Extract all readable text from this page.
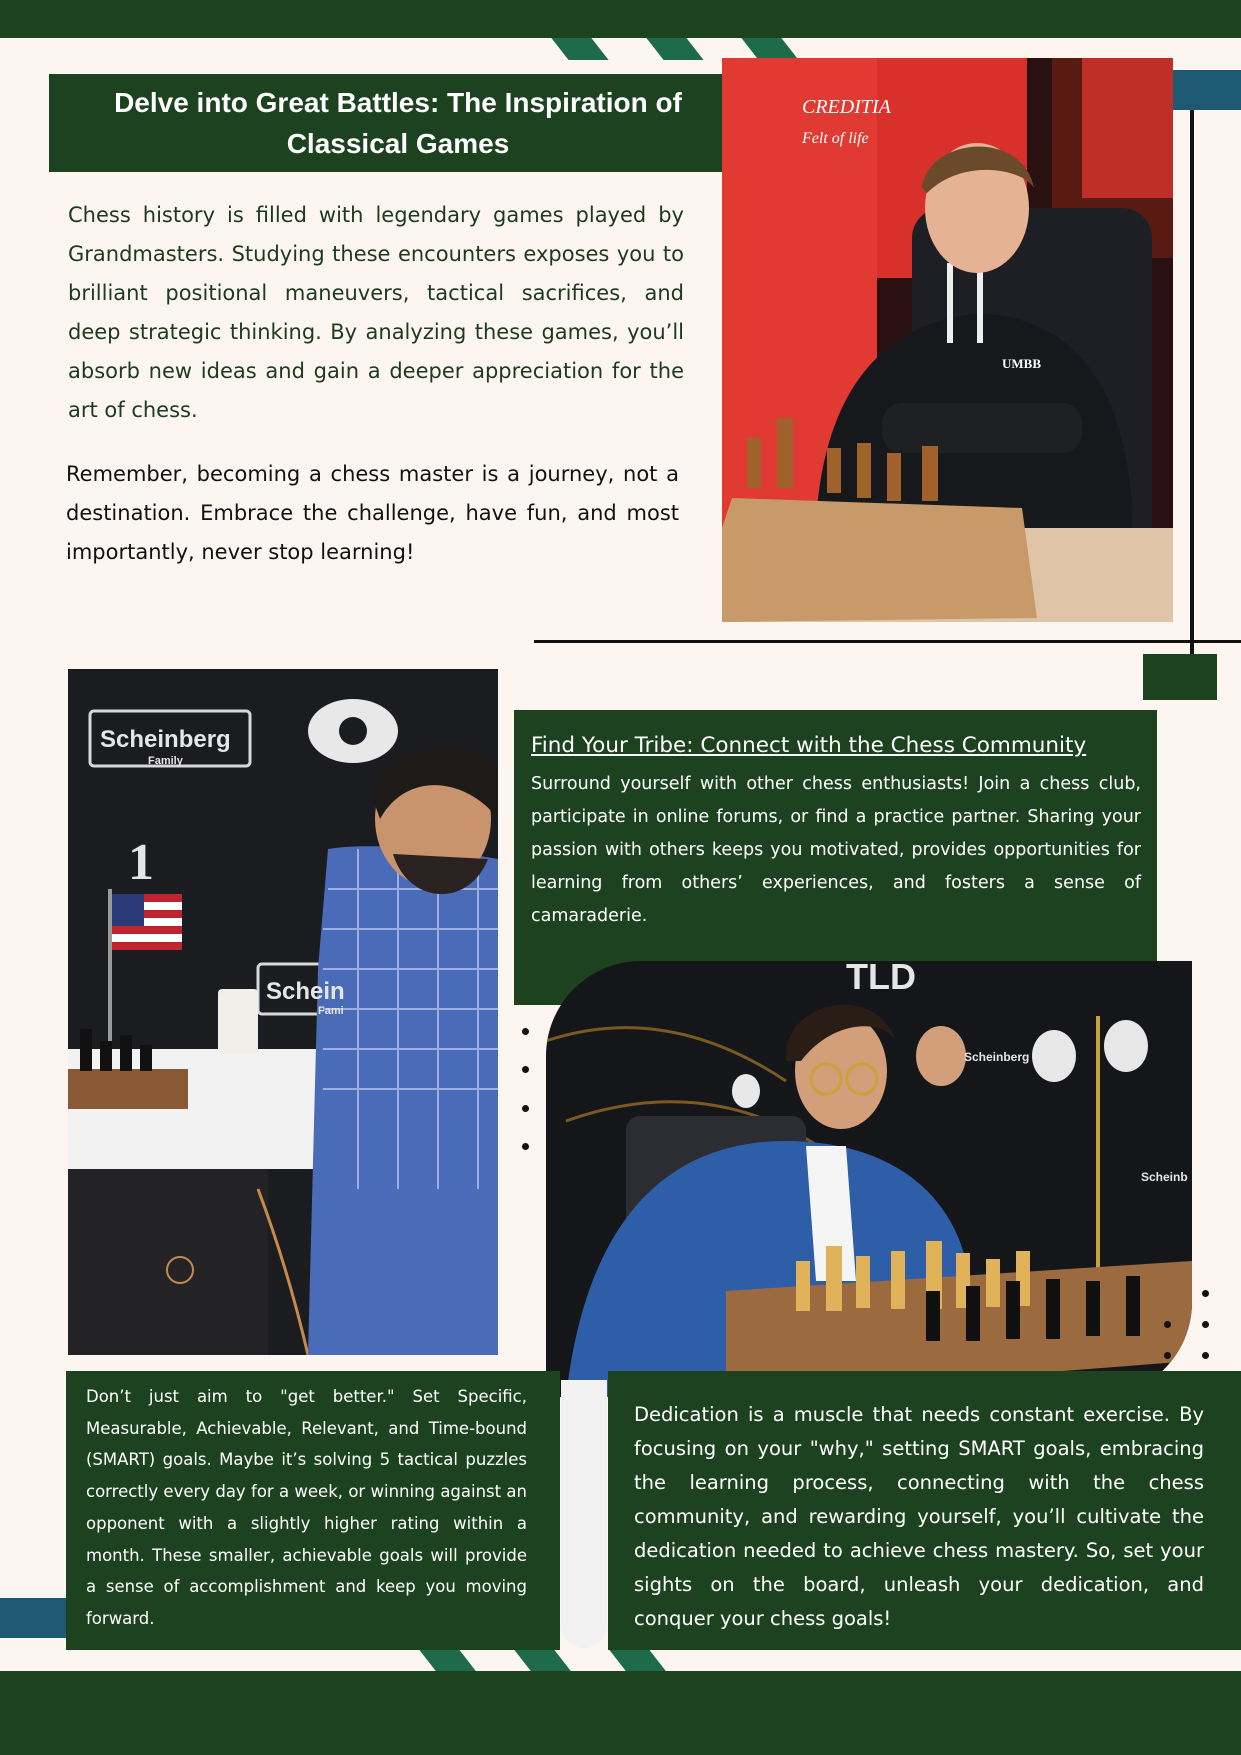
Delve into Great Battles: The Inspiration of
Classical Games

Chess history is filled with legendary games played by Grandmasters. Studying these encounters exposes you to brilliant positional maneuvers, tactical sacrifices, and deep strategic thinking. By analyzing these games, you’ll absorb new ideas and gain a deeper appreciation for the art of chess.

Remember, becoming a chess master is a journey, not a destination. Embrace the challenge, have fun, and most importantly, never stop learning!

CREDITIA
Felt of life
UMBB
Scheinberg
Family
1
Schein
Fami
Find Your Tribe: Connect with the Chess Community

Surround yourself with other chess enthusiasts! Join a chess club, participate in online forums, or find a practice partner. Sharing your passion with others keeps you motivated, provides opportunities for learning from others’ experiences, and fosters a sense of camaraderie.

TLD
Scheinberg
Scheinb

Don’t just aim to "get better." Set Specific, Measurable, Achievable, Relevant, and Time-bound (SMART) goals. Maybe it’s solving 5 tactical puzzles correctly every day for a week, or winning against an opponent with a slightly higher rating within a month. These smaller, achievable goals will provide a sense of accomplishment and keep you moving forward.

Dedication is a muscle that needs constant exercise. By focusing on your "why," setting SMART goals, embracing the learning process, connecting with the chess community, and rewarding yourself, you’ll cultivate the dedication needed to achieve chess mastery. So, set your sights on the board, unleash your dedication, and conquer your chess goals!
